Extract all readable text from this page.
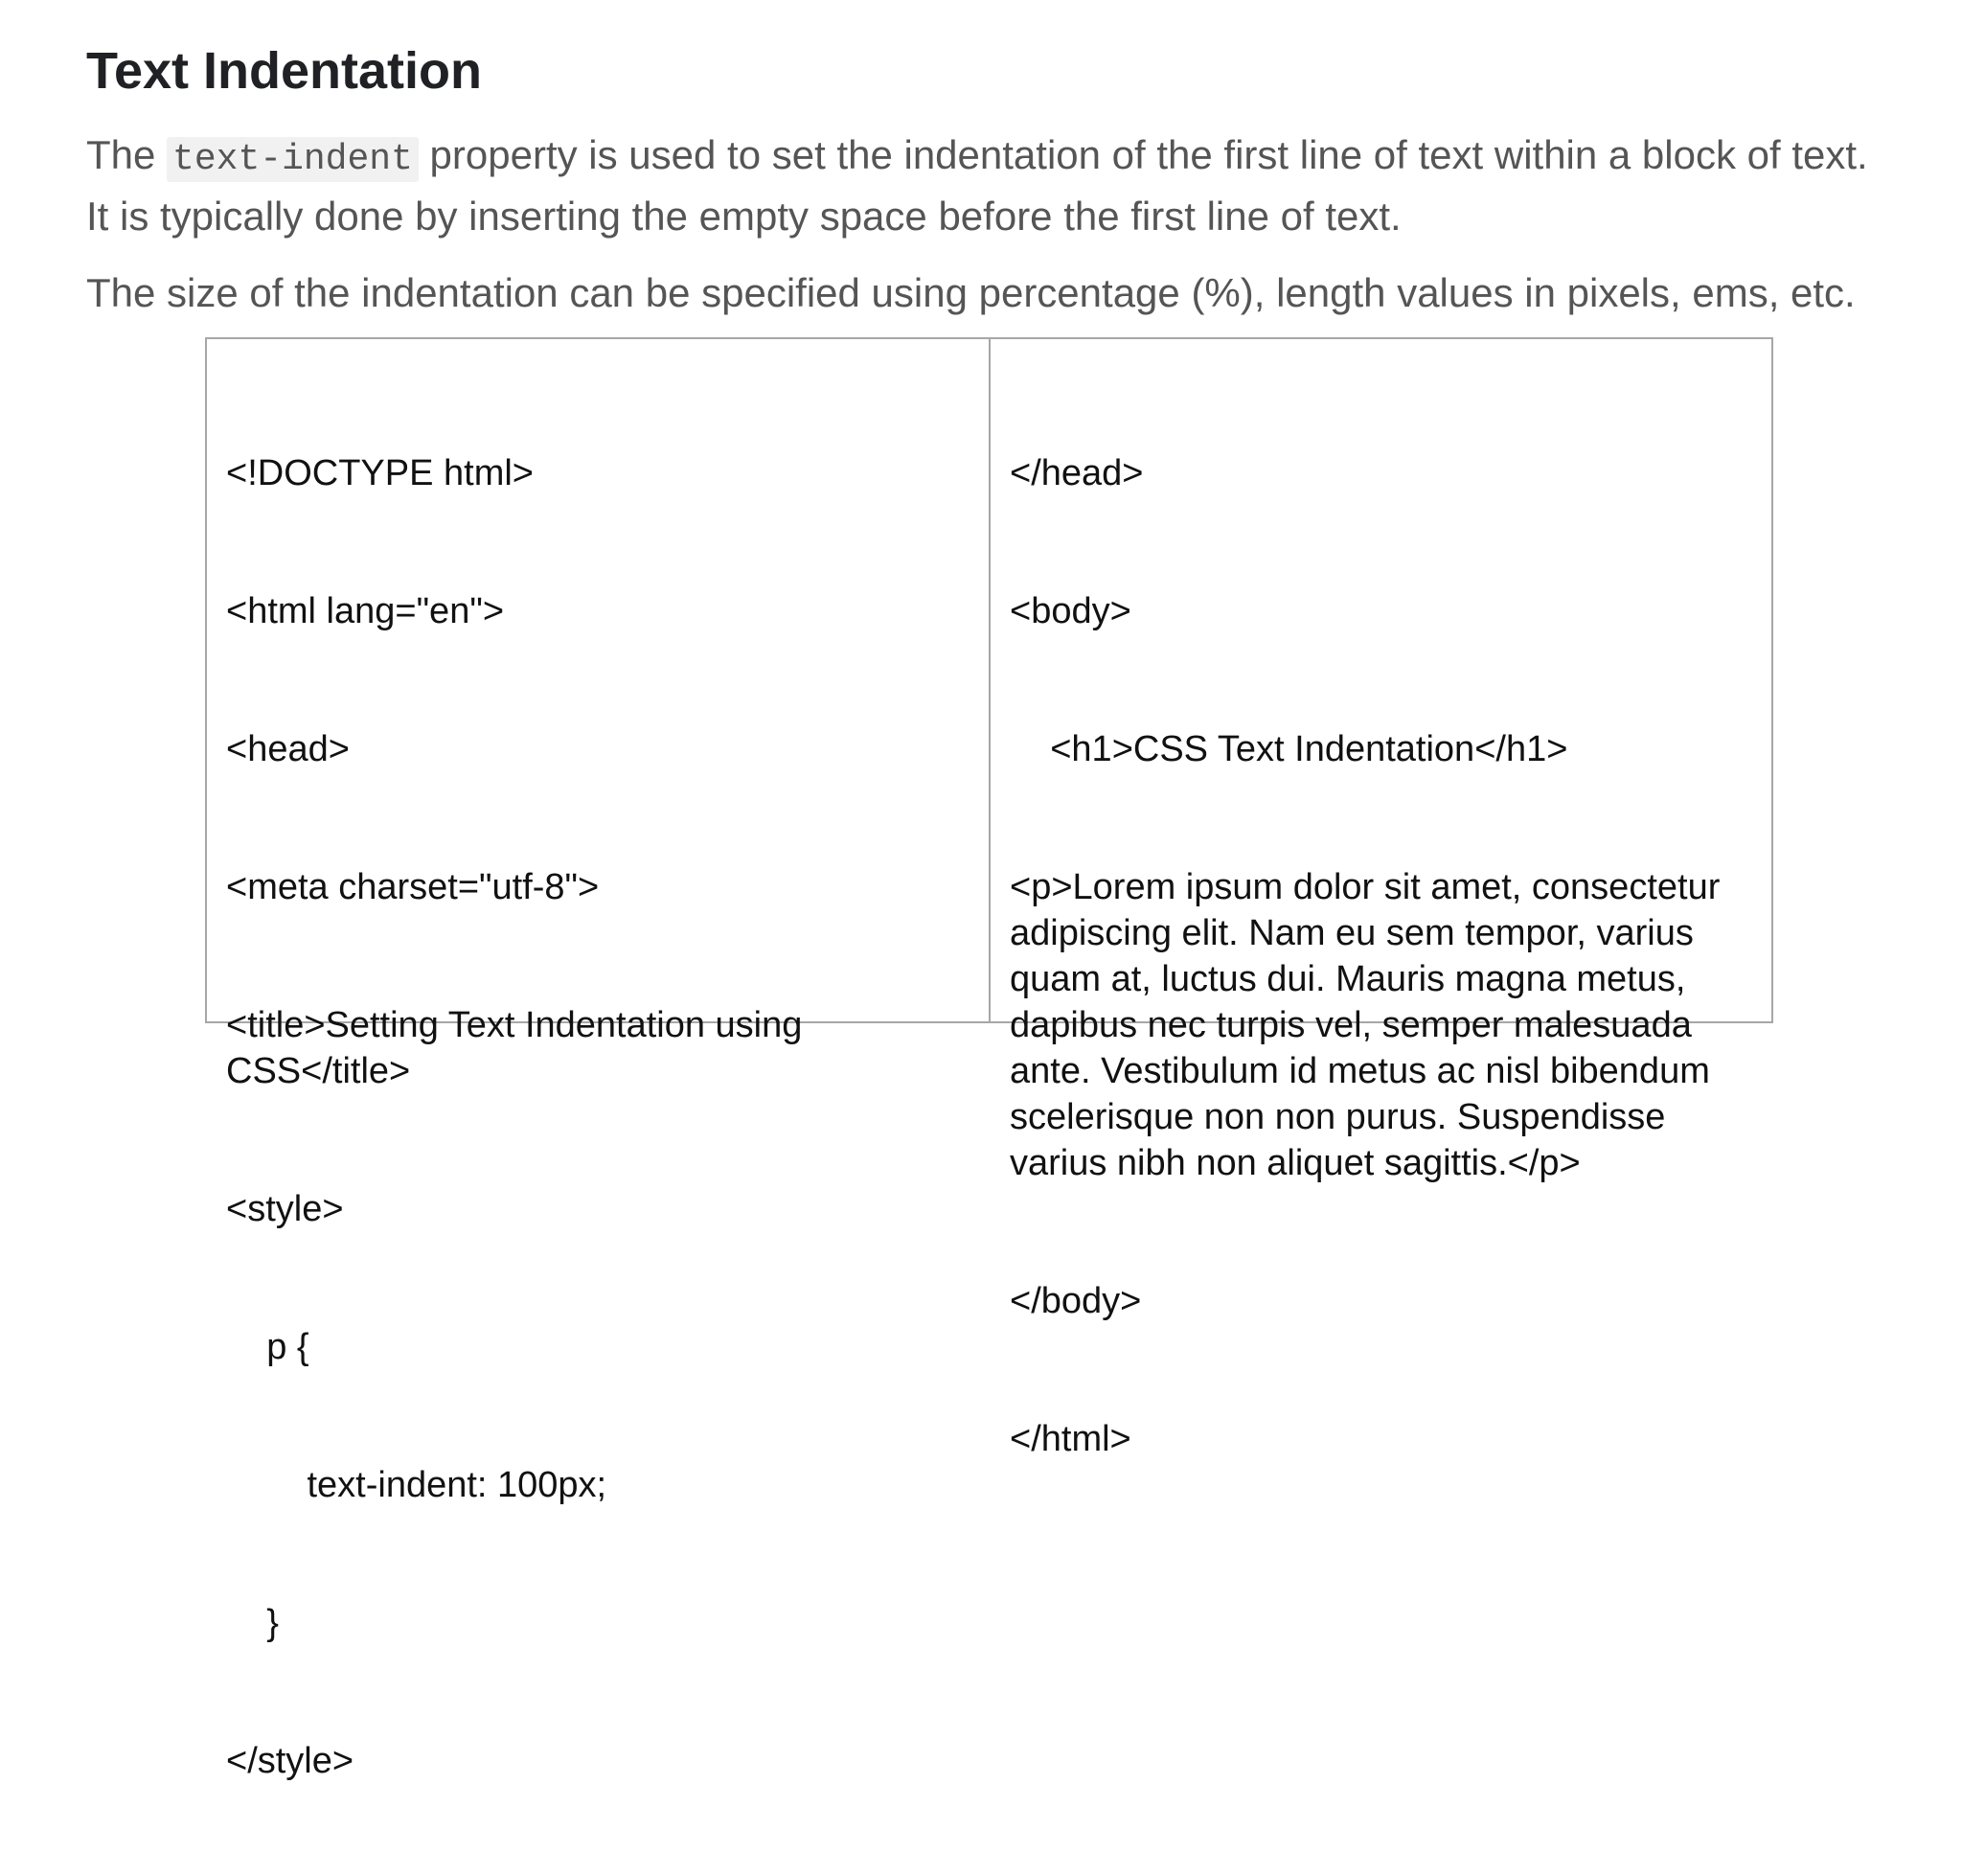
Text Indentation

The text-indent property is used to set the indentation of the first line of text within a block of text. It is typically done by inserting the empty space before the first line of text.

The size of the indentation can be specified using percentage (%), length values in pixels, ems, etc.

<!DOCTYPE html>

<html lang="en">

<head>

<meta charset="utf-8">

<title>Setting Text Indentation using CSS</title>

<style>

p {

text-indent: 100px;

}

</style>

</head>

<body>

<h1>CSS Text Indentation</h1>

<p>Lorem ipsum dolor sit amet, consectetur adipiscing elit. Nam eu sem tempor, varius quam at, luctus dui. Mauris magna metus, dapibus nec turpis vel, semper malesuada ante. Vestibulum id metus ac nisl bibendum scelerisque non non purus. Suspendisse varius nibh non aliquet sagittis.</p>

</body>

</html>
